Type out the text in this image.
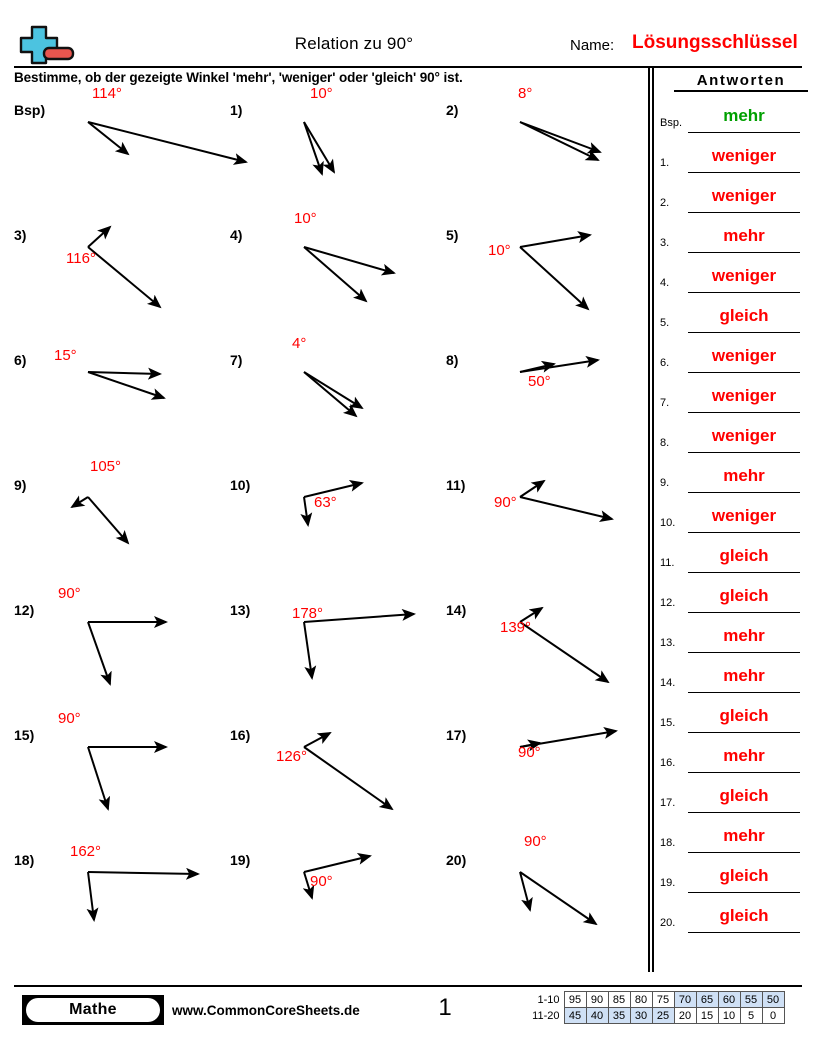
Relation zu 90°	Name: Lösungsschlüssel
Bestimme, ob der gezeigte Winkel 'mehr', 'weniger' oder 'gleich' 90° ist.
Bsp)
114°
1)
10°
2)
8°
3)
116°
4)
10°
5)
10°
6) 15°	7)
4°
8)
50°
9)
105°
10)
63°
11)
90°
12)
90°
13)	178°	14)
139°
15)
90°
16)
126°
17)
90°
18) 162°	19)
90°
20)
90°
Antworten
Bsp.	mehr
1.	weniger
2.	weniger
3.	mehr
4.	weniger
5.	gleich
6.	weniger
7.	weniger
8.	weniger
9.	mehr
10.	weniger
11.	gleich
12.	gleich
13.	mehr
14.	mehr
15.	gleich
16.	mehr
17.	gleich
18.	mehr
19.	gleich
20.	gleich
Mathe	www.CommonCoreSheets.de	1	1-10	95	90	85	80	75	70	65	60	55	50
11-20	45	40	35	30	25	20	15	10	5	0
